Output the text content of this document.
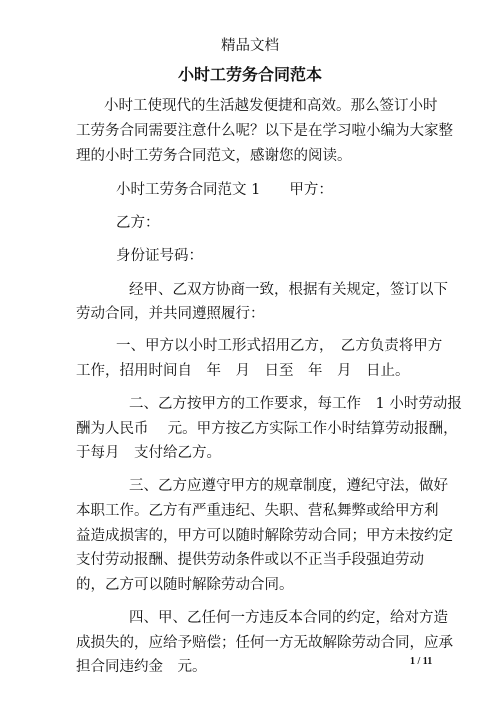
精品文档
小时工劳务合同范本
小时工使现代的生活越发便捷和高效。那么签订小时
工劳务合同需要注意什么呢？以下是在学习啦小编为大家整
理的小时工劳务合同范文，感谢您的阅读。
小时工劳务合同范文 1　　甲方：
乙方：
身份证号码：
经甲、乙双方协商一致，根据有关规定，签订以下
劳动合同，并共同遵照履行：
一、甲方以小时工形式招用乙方，　乙方负责将甲方
工作，招用时间自　年　月　日至　年　月　日止。
二、乙方按甲方的工作要求，每工作　1 小时劳动报
酬为人民币　 元。甲方按乙方实际工作小时结算劳动报酬，
于每月　支付给乙方。
三、乙方应遵守甲方的规章制度，遵纪守法，做好
本职工作。乙方有严重违纪、失职、营私舞弊或给甲方利
益造成损害的，甲方可以随时解除劳动合同；甲方未按约定
支付劳动报酬、提供劳动条件或以不正当手段强迫劳动
的，乙方可以随时解除劳动合同。
四、甲、乙任何一方违反本合同的约定，给对方造
成损失的，应给予赔偿；任何一方无故解除劳动合同，应承
担合同违约金　元。	1 / 11
